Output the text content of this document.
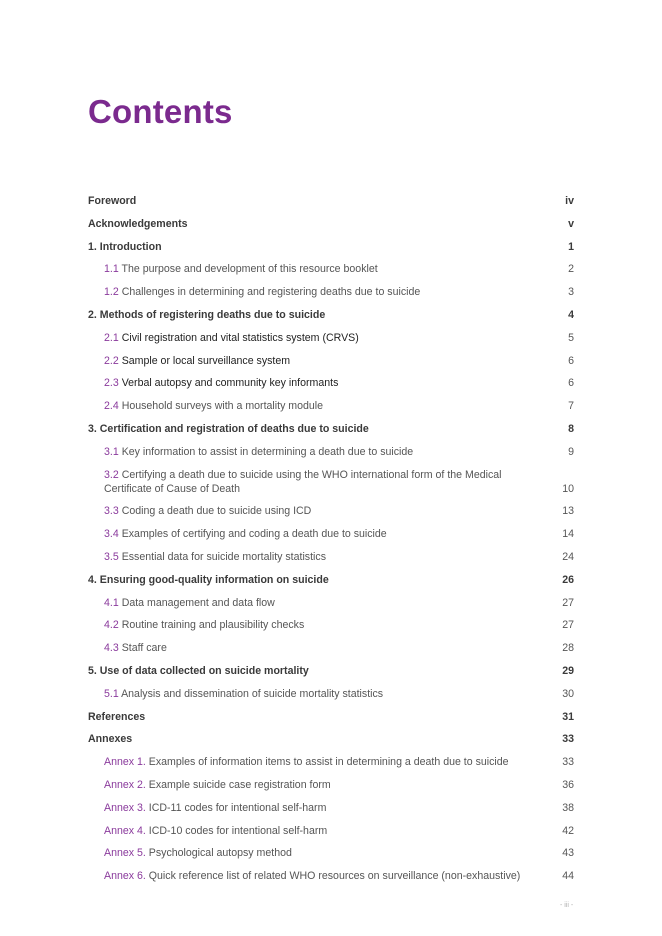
Contents
Foreword	iv
Acknowledgements	v
1. Introduction	1
1.1 The purpose and development of this resource booklet	2
1.2 Challenges in determining and registering deaths due to suicide	3
2. Methods of registering deaths due to suicide	4
2.1 Civil registration and vital statistics system (CRVS)	5
2.2 Sample or local surveillance system	6
2.3 Verbal autopsy and community key informants	6
2.4 Household surveys with a mortality module	7
3. Certification and registration of deaths due to suicide	8
3.1 Key information to assist in determining a death due to suicide	9
3.2 Certifying a death due to suicide using the WHO international form of the Medical Certificate of Cause of Death	10
3.3 Coding a death due to suicide using ICD	13
3.4 Examples of certifying and coding a death due to suicide	14
3.5 Essential data for suicide mortality statistics	24
4. Ensuring good-quality information on suicide	26
4.1 Data management and data flow	27
4.2 Routine training and plausibility checks	27
4.3 Staff care	28
5. Use of data collected on suicide mortality	29
5.1 Analysis and dissemination of suicide mortality statistics	30
References	31
Annexes	33
Annex 1. Examples of information items to assist in determining a death due to suicide	33
Annex 2. Example suicide case registration form	36
Annex 3. ICD-11 codes for intentional self-harm	38
Annex 4. ICD-10 codes for intentional self-harm	42
Annex 5. Psychological autopsy method	43
Annex 6. Quick reference list of related WHO resources on surveillance (non-exhaustive)	44
- iii -
